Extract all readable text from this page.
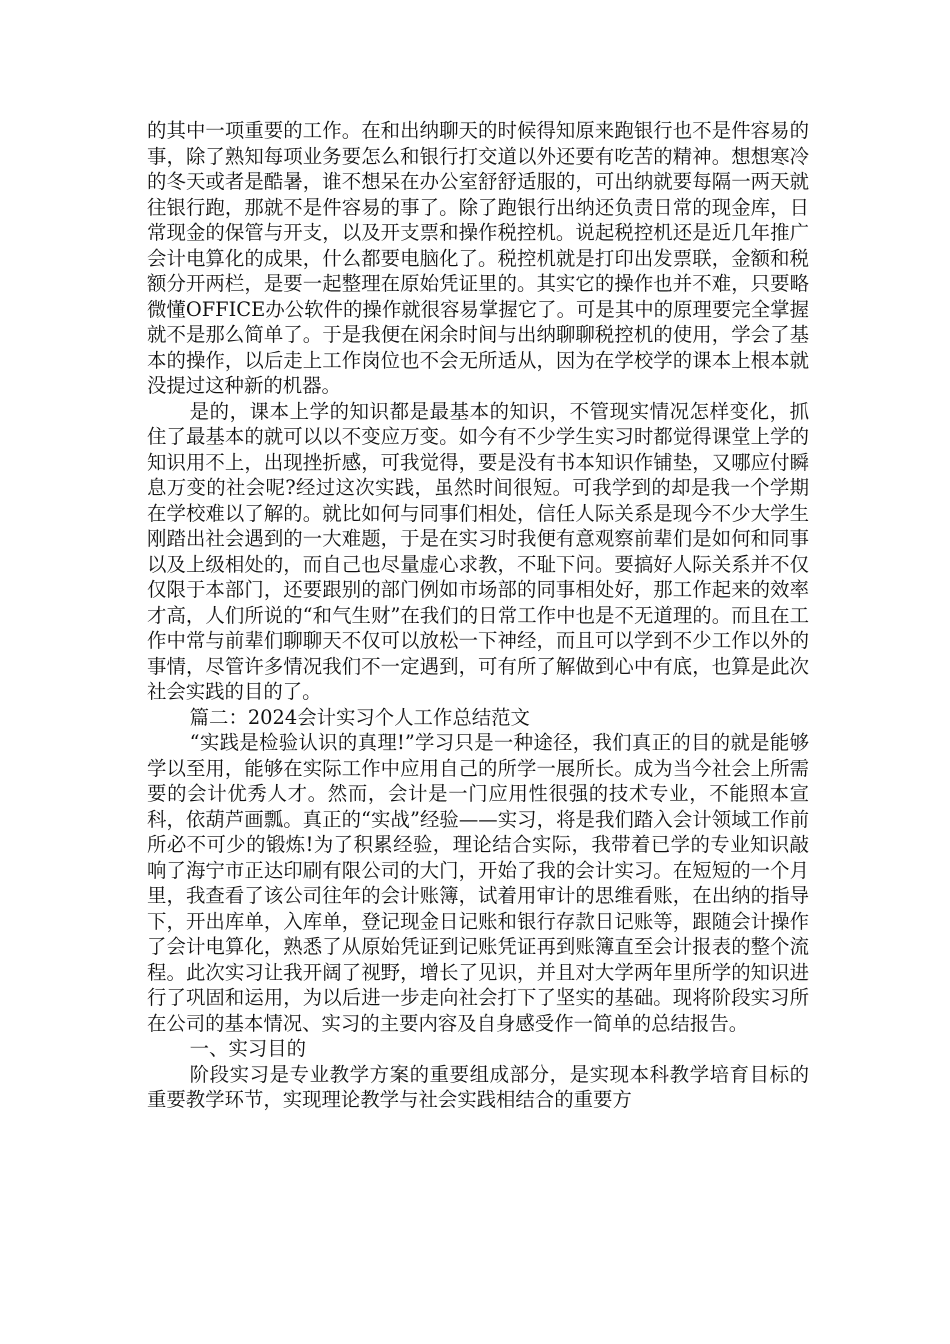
的其中一项重要的工作。在和出纳聊天的时候得知原来跑银行也不是件容易的事，除了熟知每项业务要怎么和银行打交道以外还要有吃苦的精神。想想寒冷的冬天或者是酷暑，谁不想呆在办公室舒舒适服的，可出纳就要每隔一两天就往银行跑，那就不是件容易的事了。除了跑银行出纳还负责日常的现金库，日常现金的保管与开支，以及开支票和操作税控机。说起税控机还是近几年推广会计电算化的成果，什么都要电脑化了。税控机就是打印出发票联，金额和税额分开两栏，是要一起整理在原始凭证里的。其实它的操作也并不难，只要略微懂OFFICE办公软件的操作就很容易掌握它了。可是其中的原理要完全掌握就不是那么简单了。于是我便在闲余时间与出纳聊聊税控机的使用，学会了基本的操作，以后走上工作岗位也不会无所适从，因为在学校学的课本上根本就没提过这种新的机器。

是的，课本上学的知识都是最基本的知识，不管现实情况怎样变化，抓住了最基本的就可以以不变应万变。如今有不少学生实习时都觉得课堂上学的知识用不上，出现挫折感，可我觉得，要是没有书本知识作铺垫，又哪应付瞬息万变的社会呢?经过这次实践，虽然时间很短。可我学到的却是我一个学期在学校难以了解的。就比如何与同事们相处，信任人际关系是现今不少大学生刚踏出社会遇到的一大难题，于是在实习时我便有意观察前辈们是如何和同事以及上级相处的，而自己也尽量虚心求教，不耻下问。要搞好人际关系并不仅仅限于本部门，还要跟别的部门例如市场部的同事相处好，那工作起来的效率才高，人们所说的“和气生财”在我们的日常工作中也是不无道理的。而且在工作中常与前辈们聊聊天不仅可以放松一下神经，而且可以学到不少工作以外的事情，尽管许多情况我们不一定遇到，可有所了解做到心中有底，也算是此次社会实践的目的了。

篇二：2024会计实习个人工作总结范文

“实践是检验认识的真理!”学习只是一种途径，我们真正的目的就是能够学以至用，能够在实际工作中应用自己的所学一展所长。成为当今社会上所需要的会计优秀人才。然而，会计是一门应用性很强的技术专业，不能照本宣科，依葫芦画瓢。真正的“实战”经验——实习，将是我们踏入会计领域工作前所必不可少的锻炼!为了积累经验，理论结合实际，我带着已学的专业知识敲响了海宁市正达印刷有限公司的大门，开始了我的会计实习。在短短的一个月里，我查看了该公司往年的会计账簿，试着用审计的思维看账，在出纳的指导下，开出库单，入库单，登记现金日记账和银行存款日记账等，跟随会计操作了会计电算化，熟悉了从原始凭证到记账凭证再到账簿直至会计报表的整个流程。此次实习让我开阔了视野，增长了见识，并且对大学两年里所学的知识进行了巩固和运用，为以后进一步走向社会打下了坚实的基础。现将阶段实习所在公司的基本情况、实习的主要内容及自身感受作一简单的总结报告。

一、实习目的

阶段实习是专业教学方案的重要组成部分，是实现本科教学培育目标的重要教学环节，实现理论教学与社会实践相结合的重要方
